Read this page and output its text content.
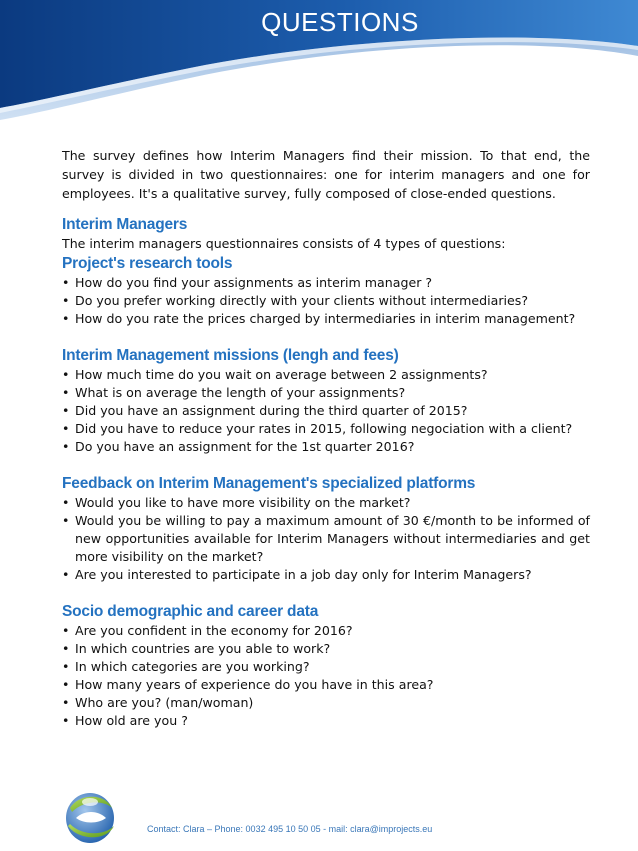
QUESTIONS

The survey defines how Interim Managers find their mission. To that end, the survey is divided in two questionnaires: one for interim managers and one for employees. It's a qualitative survey, fully composed of close-ended questions.

Interim Managers

The interim managers questionnaires consists of 4 types of questions:

Project's research tools
• How do you find your assignments as interim manager ?
• Do you prefer working directly with your clients without intermediaries?
• How do you rate the prices charged by intermediaries in interim management?
Interim Management missions (lengh and fees)
• How much time do you wait on average between 2 assignments?
• What is on average the length of your assignments?
• Did you have an assignment during the third quarter of 2015?
• Did you have to reduce your rates in 2015, following negociation with a client?
• Do you have an assignment for the 1st quarter 2016?
Feedback on Interim Management's specialized platforms
• Would you like to have more visibility on the market?
• Would you be willing to pay a maximum amount of 30 €/month to be informed of new opportunities available for Interim Managers without intermediaries and get more visibility on the market?
• Are you interested to participate in a job day only for Interim Managers?
Socio demographic and career data
• Are you confident in the economy for 2016?
• In which countries are you able to work?
• In which categories are you working?
• How many years of experience do you have in this area?
• Who are you? (man/woman)
• How old are you ?
Contact: Clara – Phone: 0032 495 10 50 05 - mail: clara@improjects.eu
